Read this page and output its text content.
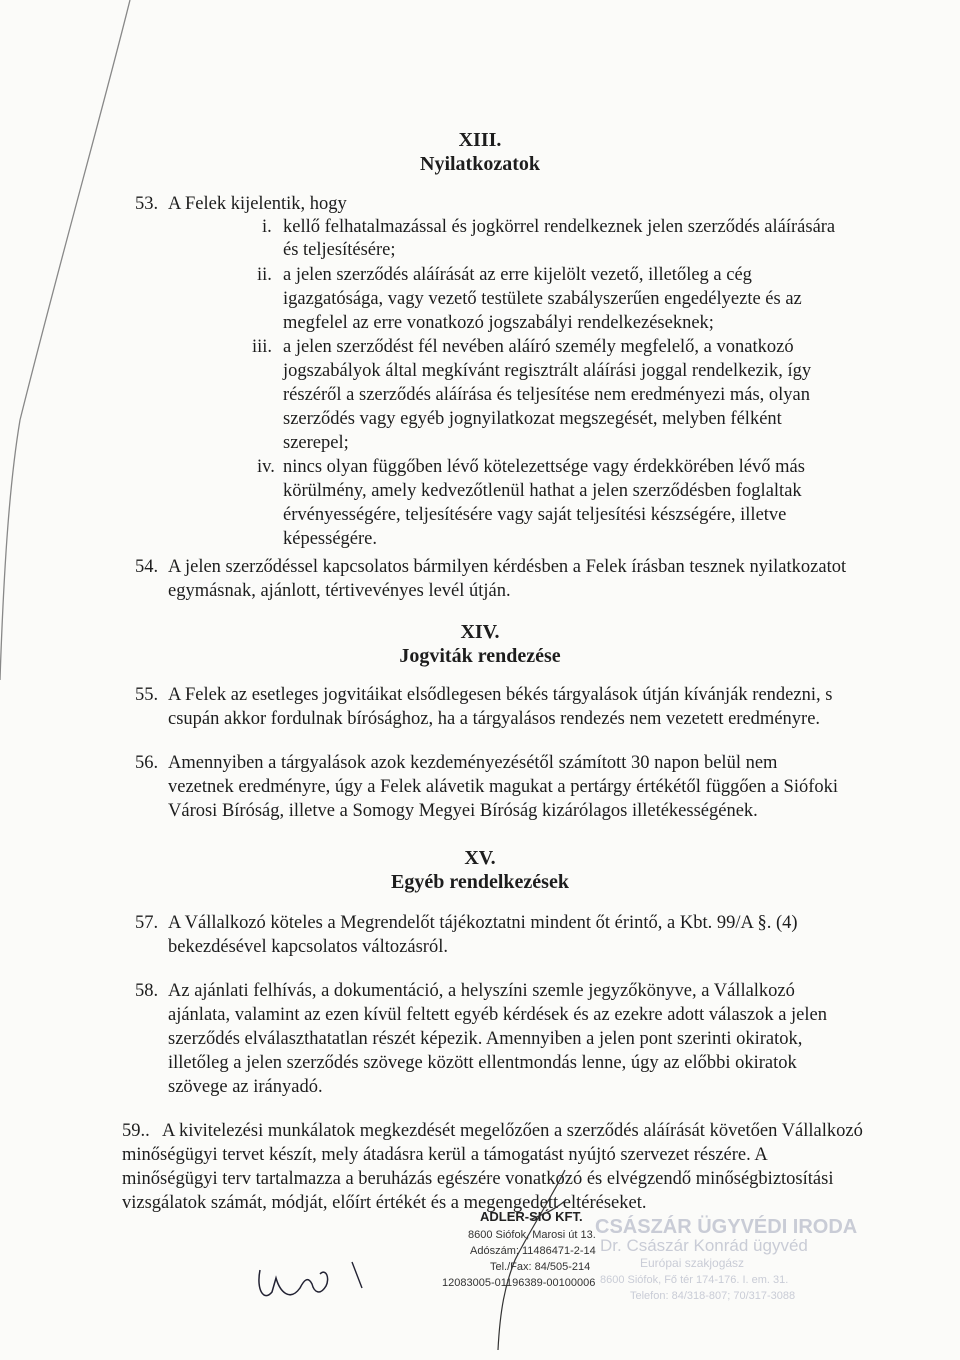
XIII.
Nyilatkozatok
53. A Felek kijelentik, hogy
i. kellő felhatalmazással és jogkörrel rendelkeznek jelen szerződés aláírására
és teljesítésére;
ii. a jelen szerződés aláírását az erre kijelölt vezető, illetőleg a cég
igazgatósága, vagy vezető testülete szabályszerűen engedélyezte és az
megfelel az erre vonatkozó jogszabályi rendelkezéseknek;
iii. a jelen szerződést fél nevében aláíró személy megfelelő, a vonatkozó
jogszabályok által megkívánt regisztrált aláírási joggal rendelkezik, így
részéről a szerződés aláírása és teljesítése nem eredményezi más, olyan
szerződés vagy egyéb jognyilatkozat megszegését, melyben félként
szerepel;
iv. nincs olyan függőben lévő kötelezettsége vagy érdekkörében lévő más
körülmény, amely kedvezőtlenül hathat a jelen szerződésben foglaltak
érvényességére, teljesítésére vagy saját teljesítési készségére, illetve
képességére.
54. A jelen szerződéssel kapcsolatos bármilyen kérdésben a Felek írásban tesznek nyilatkozatot
egymásnak, ajánlott, tértivevényes levél útján.
XIV.
Jogviták rendezése
55. A Felek az esetleges jogvitáikat elsődlegesen békés tárgyalások útján kívánják rendezni, s
csupán akkor fordulnak bírósághoz, ha a tárgyalásos rendezés nem vezetett eredményre.
56. Amennyiben a tárgyalások azok kezdeményezésétől számított 30 napon belül nem
vezetnek eredményre, úgy a Felek alávetik magukat a pertárgy értékétől függően a Siófoki
Városi Bíróság, illetve a Somogy Megyei Bíróság kizárólagos illetékességének.
XV.
Egyéb rendelkezések
57. A Vállalkozó köteles a Megrendelőt tájékoztatni mindent őt érintő, a Kbt. 99/A §. (4)
bekezdésével kapcsolatos változásról.
58. Az ajánlati felhívás, a dokumentáció, a helyszíni szemle jegyzőkönyve, a Vállalkozó
ajánlata, valamint az ezen kívül feltett egyéb kérdések és az ezekre adott válaszok a jelen
szerződés elválaszthatatlan részét képezik. Amennyiben a jelen pont szerinti okiratok,
illetőleg a jelen szerződés szövege között ellentmondás lenne, úgy az előbbi okiratok
szövege az irányadó.
59.. A kivitelezési munkálatok megkezdését megelőzően a szerződés aláírását követően Vállalkozó
minőségügyi tervet készít, mely átadásra kerül a támogatást nyújtó szervezet részére. A
minőségügyi terv tartalmazza a beruházás egészére vonatkozó és elvégzendő minőségbiztosítási
vizsgálatok számát, módját, előírt értékét és a megengedett eltéréseket.
CSÁSZÁR ÜGYVÉDI IRODA
Dr. Császár Konrád ügyvéd
Európai szakjogász
8600 Siófok, Fő tér 174-176. I. em. 31.
Telefon: 84/318-807; 70/317-3088
ADLER-SIÓ KFT.
8600 Siófok, Marosi út 13.
Adószám: 11486471-2-14
Tel./Fax: 84/505-214
12083005-01196389-00100006
